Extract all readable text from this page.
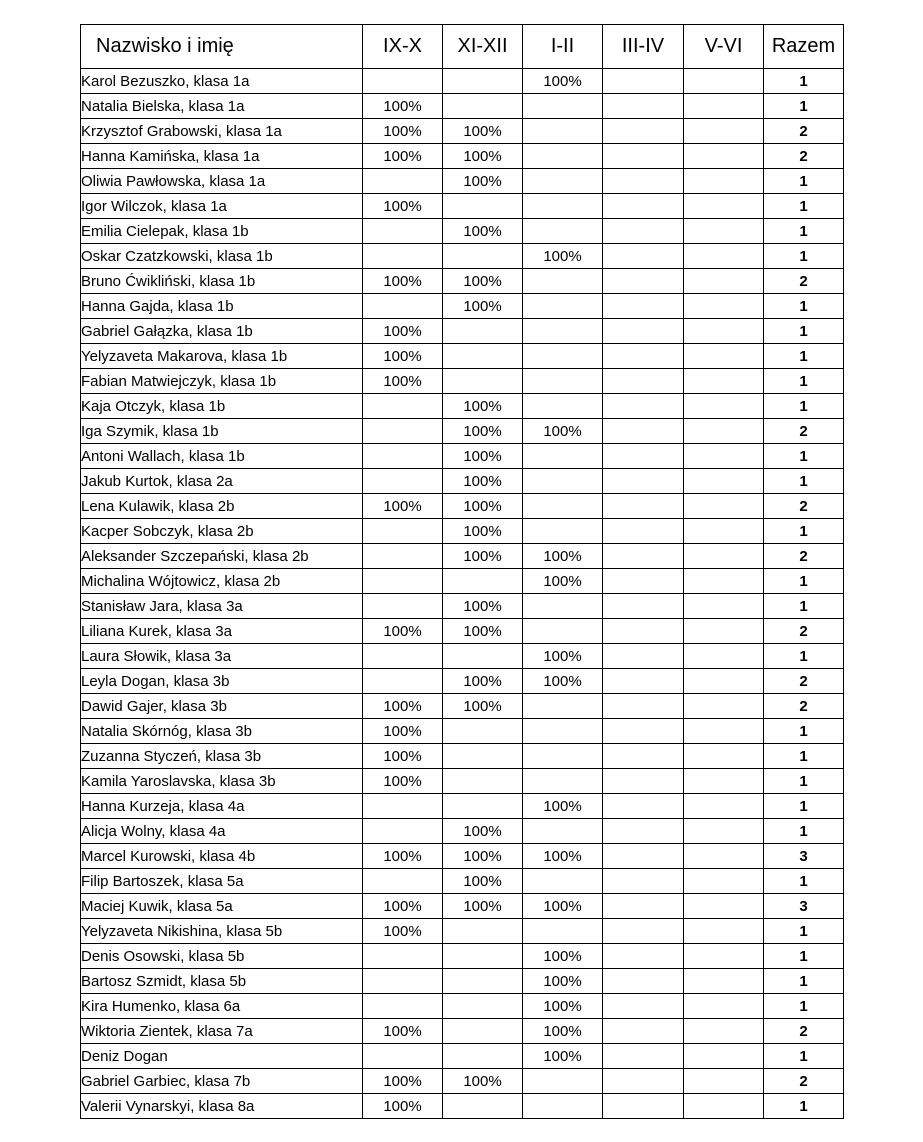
Nazwisko i imię	IX-X	XI-XII	I-II	III-IV	V-VI	Razem
Karol Bezuszko, klasa 1a			100%			1
Natalia Bielska, klasa 1a	100%					1
Krzysztof Grabowski, klasa 1a	100%	100%				2
Hanna Kamińska, klasa 1a	100%	100%				2
Oliwia Pawłowska, klasa 1a		100%				1
Igor Wilczok, klasa 1a	100%					1
Emilia Cielepak, klasa 1b		100%				1
Oskar Czatzkowski, klasa 1b			100%			1
Bruno Ćwikliński, klasa 1b	100%	100%				2
Hanna Gajda, klasa 1b		100%				1
Gabriel Gałązka, klasa 1b	100%					1
Yelyzaveta Makarova, klasa 1b	100%					1
Fabian Matwiejczyk, klasa 1b	100%					1
Kaja Otczyk, klasa 1b		100%				1
Iga Szymik, klasa 1b		100%	100%			2
Antoni Wallach, klasa 1b		100%				1
Jakub Kurtok, klasa 2a		100%				1
Lena Kulawik, klasa 2b	100%	100%				2
Kacper Sobczyk, klasa 2b		100%				1
Aleksander Szczepański, klasa 2b		100%	100%			2
Michalina Wójtowicz, klasa 2b			100%			1
Stanisław Jara, klasa 3a		100%				1
Liliana Kurek, klasa 3a	100%	100%				2
Laura Słowik, klasa 3a			100%			1
Leyla Dogan, klasa 3b		100%	100%			2
Dawid Gajer, klasa 3b	100%	100%				2
Natalia Skórnóg, klasa 3b	100%					1
Zuzanna Styczeń, klasa 3b	100%					1
Kamila Yaroslavska, klasa 3b	100%					1
Hanna Kurzeja, klasa 4a			100%			1
Alicja Wolny, klasa 4a		100%				1
Marcel Kurowski, klasa 4b	100%	100%	100%			3
Filip Bartoszek, klasa 5a		100%				1
Maciej Kuwik, klasa 5a	100%	100%	100%			3
Yelyzaveta Nikishina, klasa 5b	100%					1
Denis Osowski, klasa 5b			100%			1
Bartosz Szmidt, klasa 5b			100%			1
Kira Humenko, klasa 6a			100%			1
Wiktoria Zientek, klasa 7a	100%		100%			2
Deniz Dogan			100%			1
Gabriel Garbiec, klasa 7b	100%	100%				2
Valerii Vynarskyi, klasa 8a	100%					1
